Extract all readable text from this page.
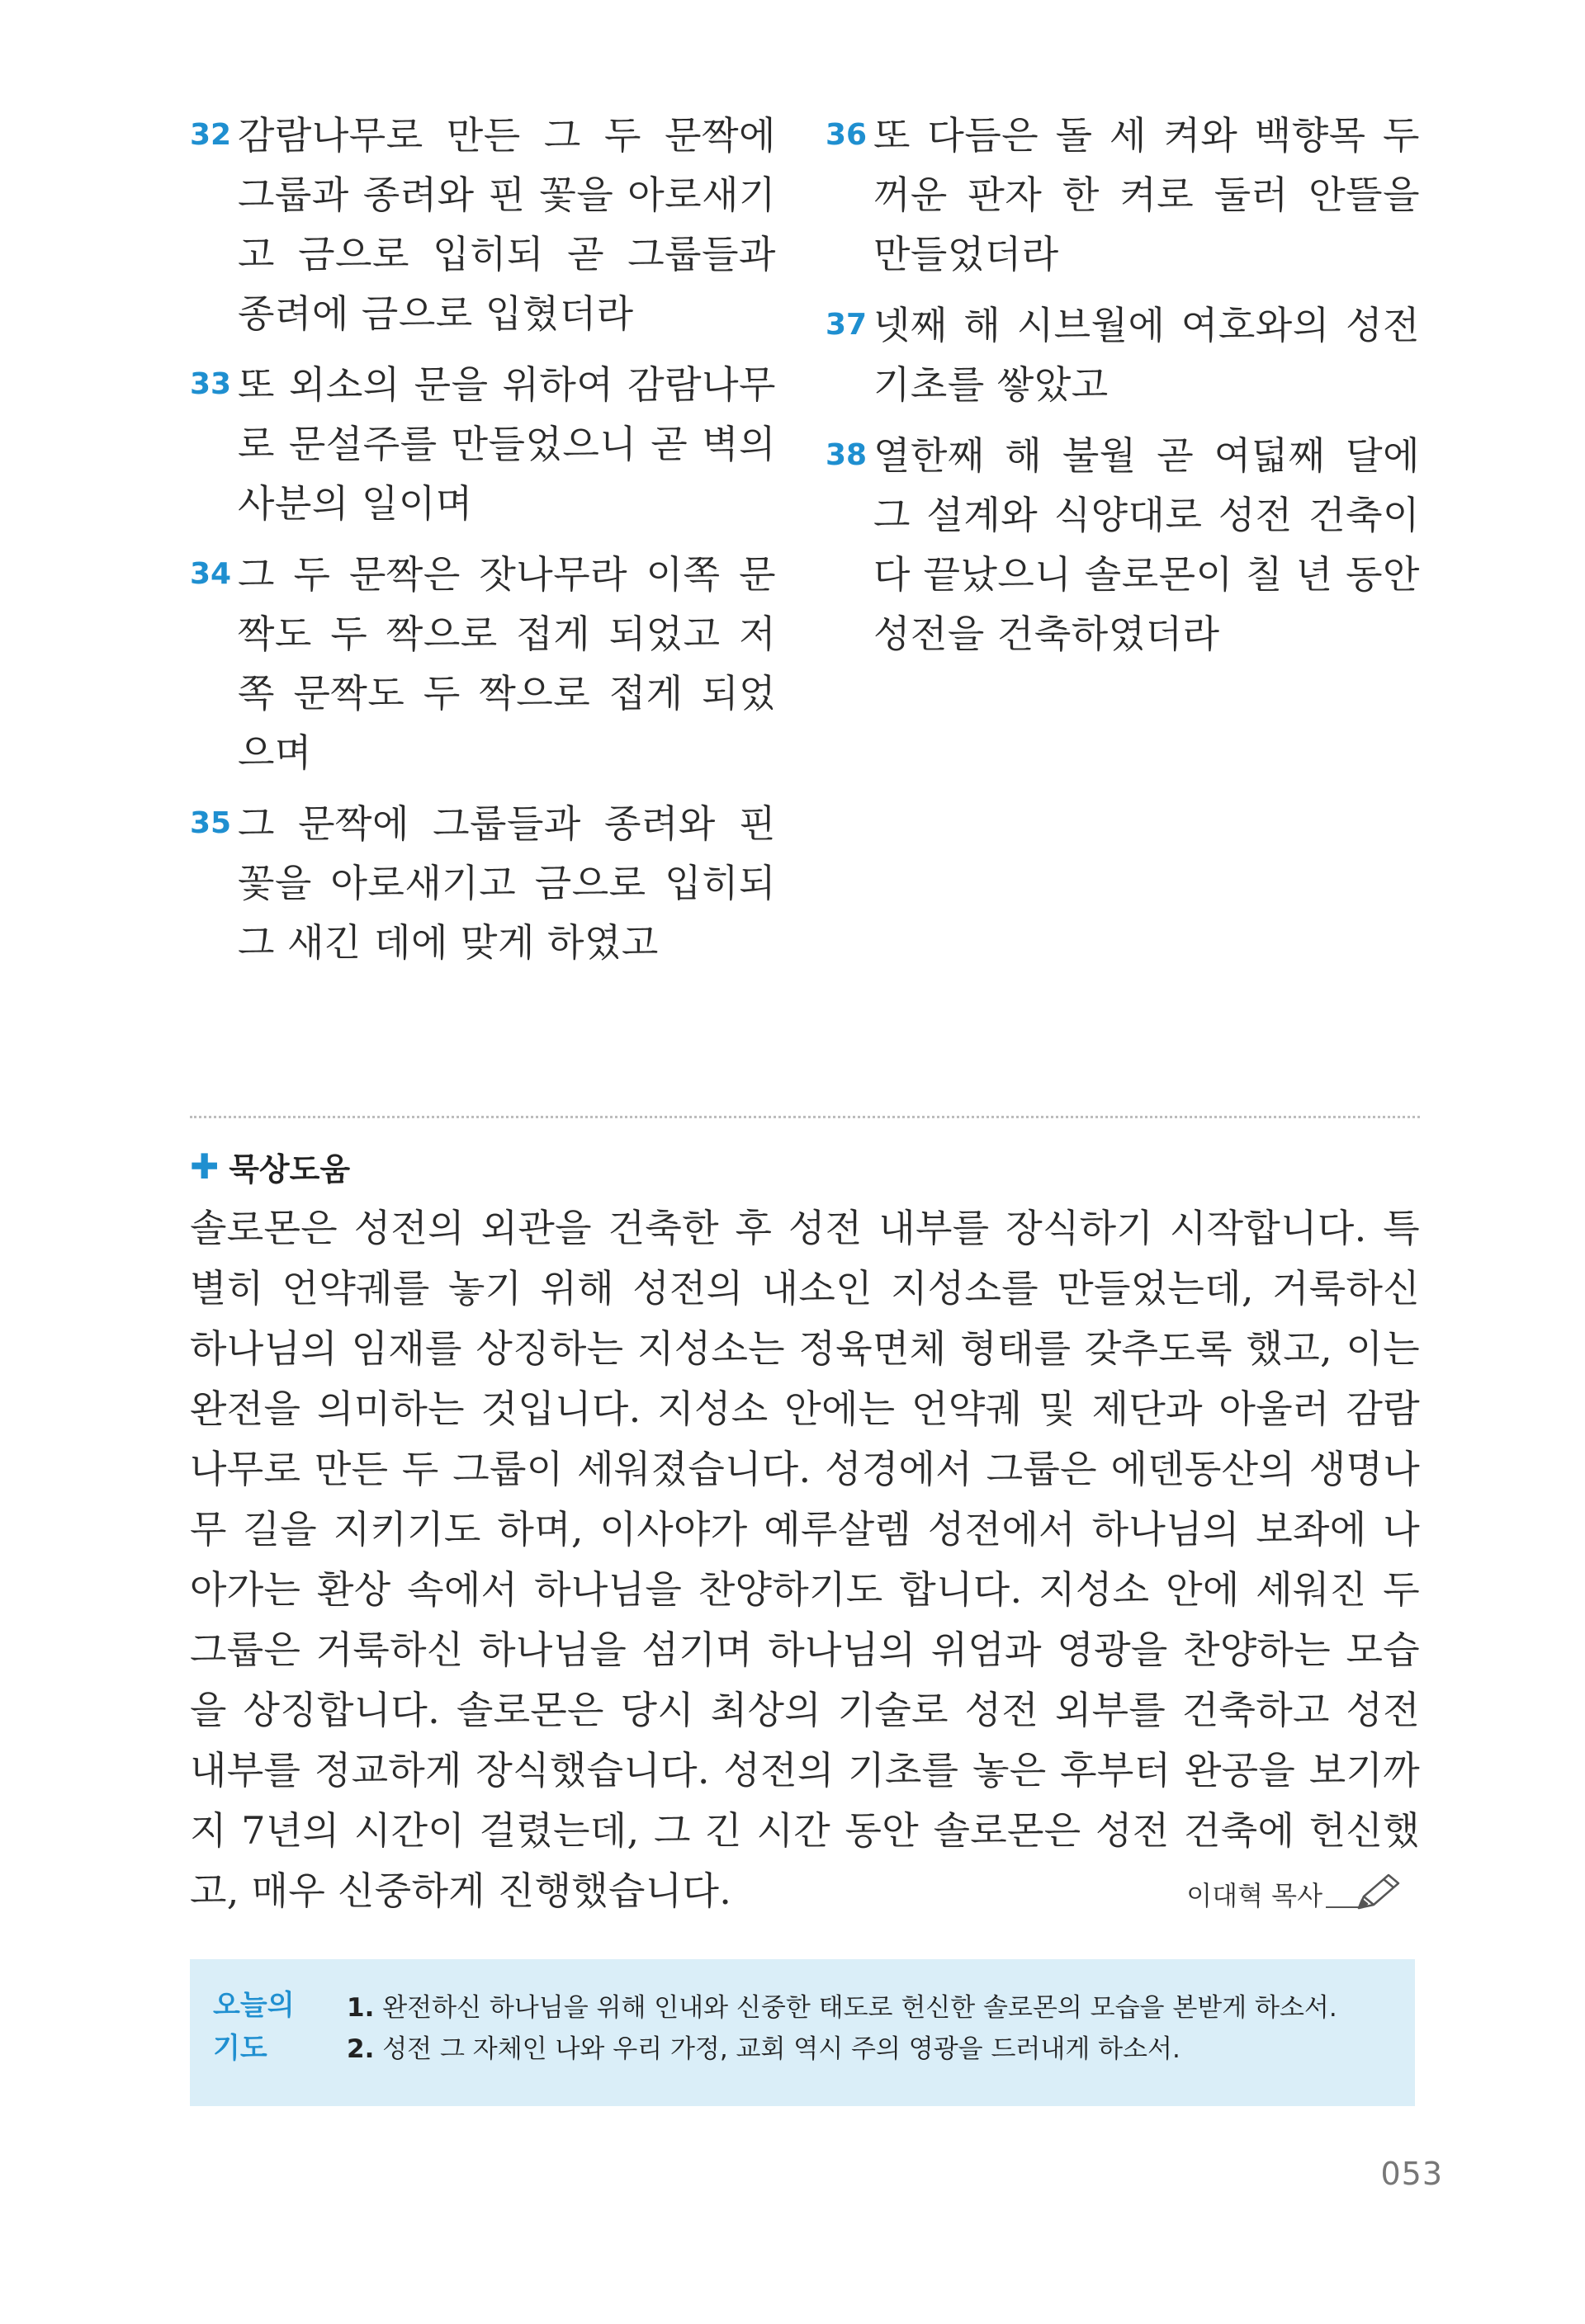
32 감람나무로 만든 그 두 문짝에 그룹과 종려와 핀 꽃을 아로새기고 금으로 입히되 곧 그룹들과 종려에 금으로 입혔더라
33 또 외소의 문을 위하여 감람나무로 문설주를 만들었으니 곧 벽의 사분의 일이며
34 그 두 문짝은 잣나무라 이쪽 문짝도 두 짝으로 접게 되었고 저쪽 문짝도 두 짝으로 접게 되었으며
35 그 문짝에 그룹들과 종려와 핀 꽃을 아로새기고 금으로 입히되 그 새긴 데에 맞게 하였고
36 또 다듬은 돌 세 켜와 백향목 두꺼운 판자 한 켜로 둘러 안뜰을 만들었더라
37 넷째 해 시브월에 여호와의 성전 기초를 쌓았고
38 열한째 해 불월 곧 여덟째 달에 그 설계와 식양대로 성전 건축이 다 끝났으니 솔로몬이 칠 년 동안 성전을 건축하였더라
✚ 묵상도움
솔로몬은 성전의 외관을 건축한 후 성전 내부를 장식하기 시작합니다. 특별히 언약궤를 놓기 위해 성전의 내소인 지성소를 만들었는데, 거룩하신 하나님의 임재를 상징하는 지성소는 정육면체 형태를 갖추도록 했고, 이는 완전을 의미하는 것입니다. 지성소 안에는 언약궤 및 제단과 아울러 감람나무로 만든 두 그룹이 세워졌습니다. 성경에서 그룹은 에덴동산의 생명나무 길을 지키기도 하며, 이사야가 예루살렘 성전에서 하나님의 보좌에 나아가는 환상 속에서 하나님을 찬양하기도 합니다. 지성소 안에 세워진 두 그룹은 거룩하신 하나님을 섬기며 하나님의 위엄과 영광을 찬양하는 모습을 상징합니다. 솔로몬은 당시 최상의 기술로 성전 외부를 건축하고 성전 내부를 정교하게 장식했습니다. 성전의 기초를 놓은 후부터 완공을 보기까지 7년의 시간이 걸렸는데, 그 긴 시간 동안 솔로몬은 성전 건축에 헌신했고, 매우 신중하게 진행했습니다.	이대혁 목사
오늘의
기도
1. 완전하신 하나님을 위해 인내와 신중한 태도로 헌신한 솔로몬의 모습을 본받게 하소서.
2. 성전 그 자체인 나와 우리 가정, 교회 역시 주의 영광을 드러내게 하소서.
053
